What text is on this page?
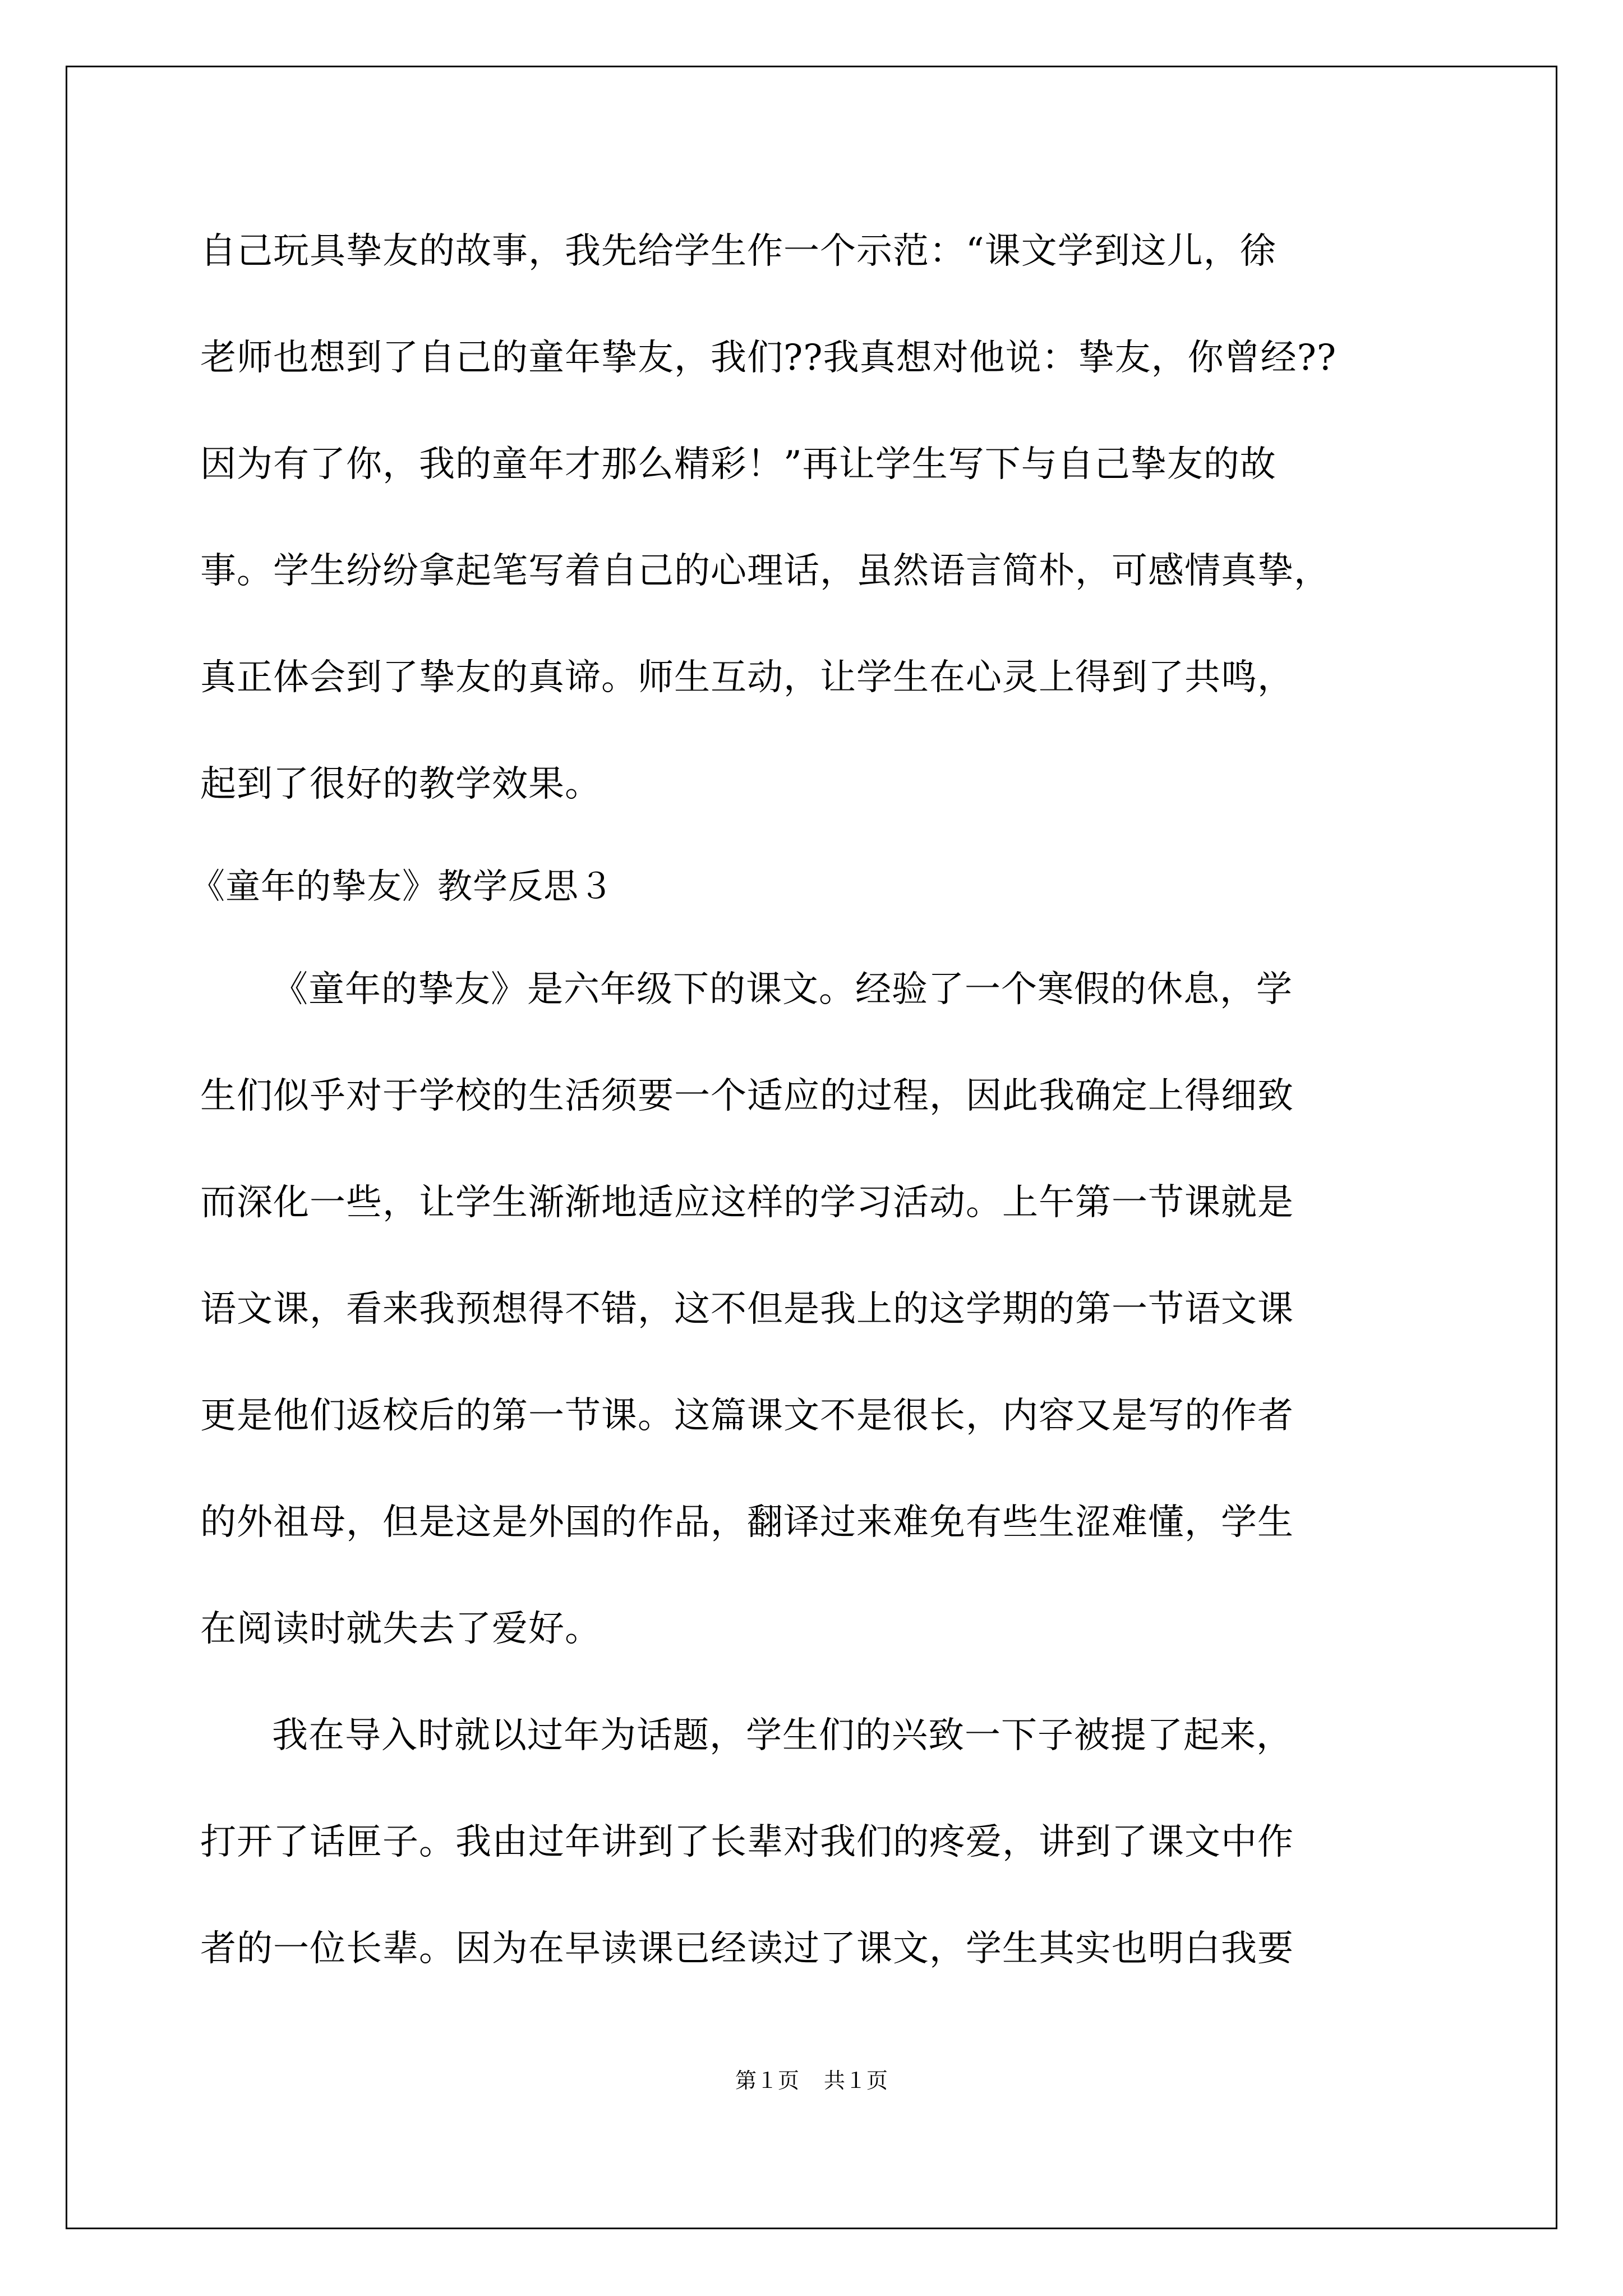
自己玩具挚友的故事，我先给学生作一个示范：“课文学到这儿，徐
老师也想到了自己的童年挚友，我们??我真想对他说：挚友，你曾经??
因为有了你，我的童年才那么精彩！”再让学生写下与自己挚友的故
事。学生纷纷拿起笔写着自己的心理话，虽然语言简朴，可感情真挚，
真正体会到了挚友的真谛。师生互动，让学生在心灵上得到了共鸣，
起到了很好的教学效果。
《童年的挚友》教学反思３
《童年的挚友》是六年级下的课文。经验了一个寒假的休息，学
生们似乎对于学校的生活须要一个适应的过程，因此我确定上得细致
而深化一些，让学生渐渐地适应这样的学习活动。上午第一节课就是
语文课，看来我预想得不错，这不但是我上的这学期的第一节语文课
更是他们返校后的第一节课。这篇课文不是很长，内容又是写的作者
的外祖母，但是这是外国的作品，翻译过来难免有些生涩难懂，学生
在阅读时就失去了爱好。
我在导入时就以过年为话题，学生们的兴致一下子被提了起来，
打开了话匣子。我由过年讲到了长辈对我们的疼爱，讲到了课文中作
者的一位长辈。因为在早读课已经读过了课文，学生其实也明白我要
第１页 共１页
